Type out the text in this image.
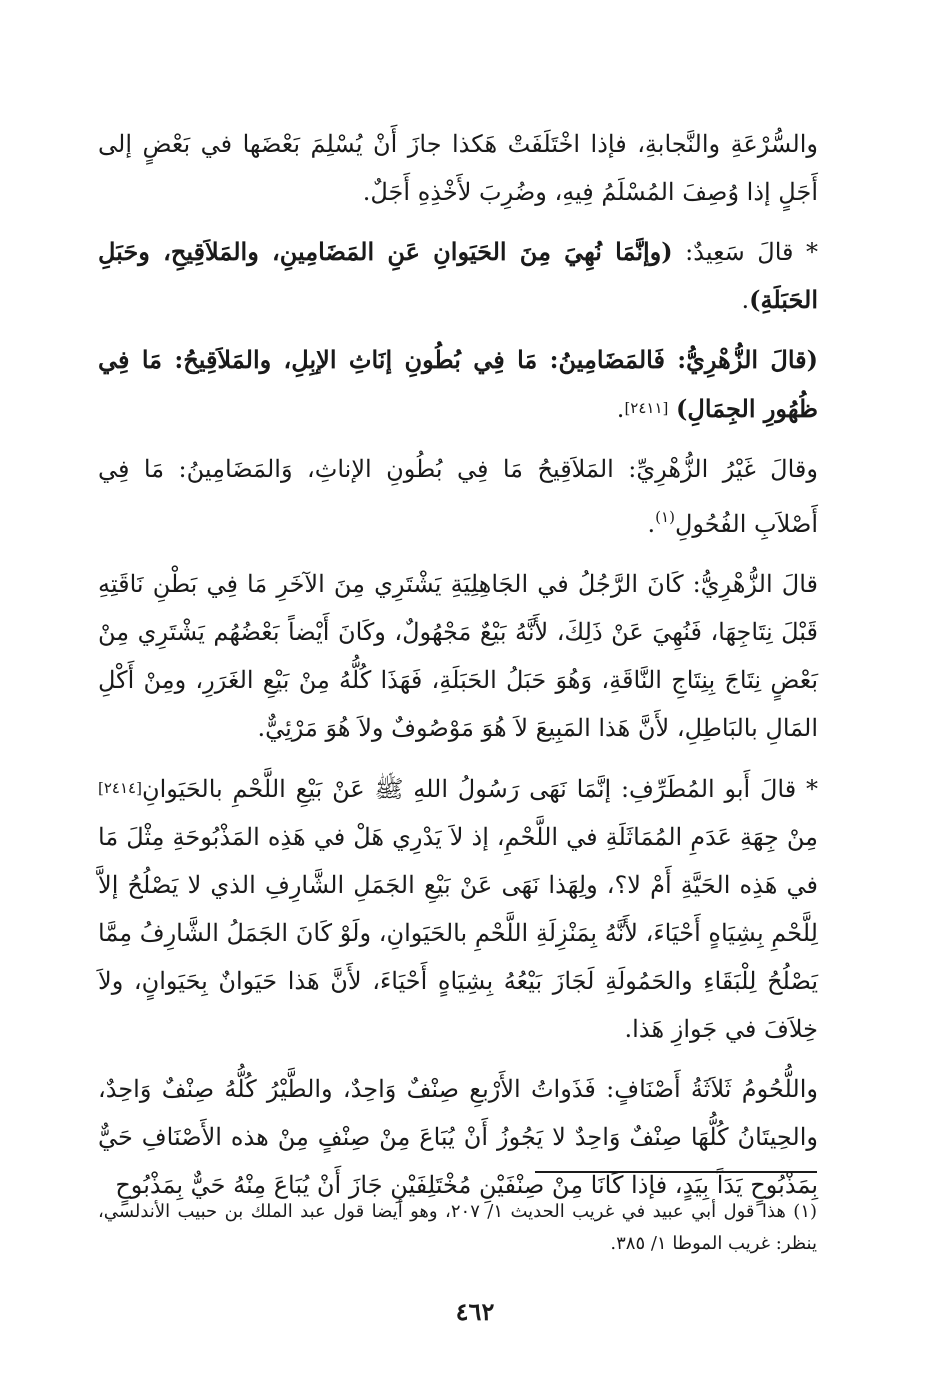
والسُّرْعَةِ والنَّجابةِ، فإذا اخْتَلَفَتْ هَكذا جازَ أَنْ يُسْلِمَ بَعْضَها في بَعْضٍ إلى أَجَلٍ إذا وُصِفَ المُسْلَمُ فِيهِ، وضُرِبَ لأَخْذِهِ أَجَلٌ.

* قالَ سَعِيدٌ: (وإنَّمَا نُهِيَ مِنَ الحَيَوانِ عَنِ المَضَامِينِ، والمَلاَقِيحِ، وحَبَلِ الحَبَلَةِ).

(قالَ الزُّهْرِيُّ: فَالمَضَامِينُ: مَا فِي بُطُونِ إنَاثِ الإبِلِ، والمَلاَقِيحُ: مَا فِي ظُهُورِ الجِمَالِ) [٢٤١١].

وقالَ غَيْرُ الزُّهْرِيِّ: المَلاَقِيحُ مَا فِي بُطُونِ الإناثِ، وَالمَضَامِينُ: مَا فِي أَصْلاَبِ الفُحُولِ$^{(١)}$.

قالَ الزُّهْرِيُّ: كَانَ الرَّجُلُ في الجَاهِلِيَةِ يَشْتَرِي مِنَ الآخَرِ مَا فِي بَطْنِ نَاقَتِهِ قَبْلَ نِتَاجِهَا، فَنُهِيَ عَنْ ذَلِكَ، لأَنَّهُ بَيْعٌ مَجْهُولٌ، وكَانَ أَيْضاً بَعْضُهُم يَشْتَرِي مِنْ بَعْضٍ نِتَاجَ بِنِتَاجِ النَّاقَةِ، وَهُوَ حَبَلُ الحَبَلَةِ، فَهَذَا كُلُّهُ مِنْ بَيْعِ الغَرَرِ، ومِنْ أَكْلِ المَالِ بالبَاطِلِ، لأَنَّ هَذا المَبِيعَ لاَ هُوَ مَوْصُوفٌ ولاَ هُوَ مَرْئِيٌّ.

* قالَ أَبو المُطَرِّفِ: إنَّمَا نَهَى رَسُولُ اللهِ ﷺ عَنْ بَيْعِ اللَّحْمِ بالحَيَوانِ[٢٤١٤] مِنْ جِهَةِ عَدَمِ المُمَاثَلَةِ في اللَّحْمِ، إذ لاَ يَدْرِي هَلْ في هَذِه المَذْبُوحَةِ مِثْلَ مَا في هَذِه الحَيَّةِ أَمْ لا؟، ولِهَذا نَهَى عَنْ بَيْعِ الجَمَلِ الشَّارِفِ الذي لا يَصْلُحُ إلاَّ لِلَّحْمِ بِشِيَاهٍ أَحْيَاءَ، لأَنَّهُ بِمَنْزِلَةِ اللَّحْمِ بالحَيَوانِ، ولَوْ كَانَ الجَمَلُ الشَّارِفُ مِمَّا يَصْلُحُ لِلْبَقَاءِ والحَمُولَةِ لَجَازَ بَيْعُهُ بِشِيَاهٍ أَحْيَاءَ، لأَنَّ هَذا حَيَوانٌ بِحَيَوانٍ، ولاَ خِلاَفَ في جَوازِ هَذا.

واللُّحُومُ ثَلاَثَةُ أَصْنَافٍ: فَذَواتُ الأَرْبعِ صِنْفٌ وَاحِدٌ، والطَّيْرُ كُلُّهُ صِنْفٌ وَاحِدٌ، والحِيتَانُ كُلُّهَا صِنْفٌ وَاحِدٌ لا يَجُوزُ أَنْ يُبَاعَ مِنْ صِنْفٍ مِنْ هذه الأَصْنَافِ حَيٌّ بِمَذْبُوحٍ يَدَاً بِيَدٍ، فإذا كَانَا مِنْ صِنْفَيْنِ مُخْتَلِفَيْنِ جَازَ أَنْ يُبَاعَ مِنْهُ حَيٌّ بِمَذْبُوحٍ

(١) هذا قول أبي عبيد في غريب الحديث ١/ ٢٠٧، وهو أيضا قول عبد الملك بن حبيب الأندلسي، ينظر: غريب الموطا ١/ ٣٨٥.
٤٦٢
